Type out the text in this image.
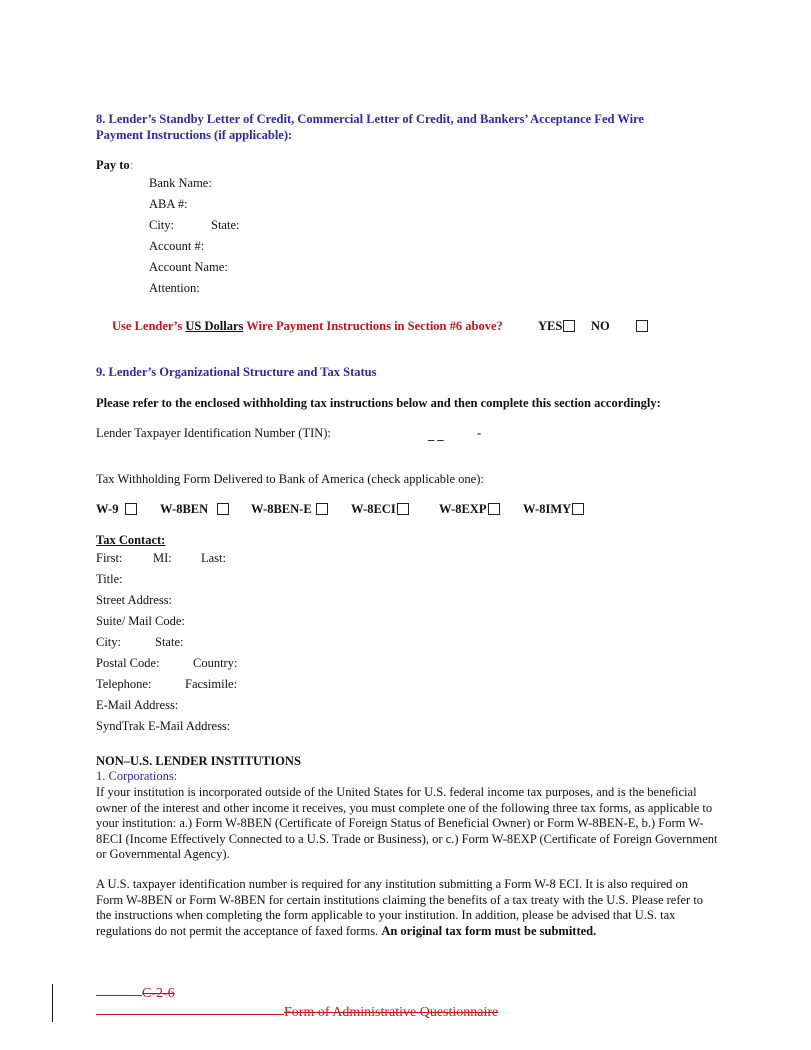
8. Lender’s Standby Letter of Credit, Commercial Letter of Credit, and Bankers’ Acceptance Fed Wire
Payment Instructions (if applicable):
Pay to:
Bank Name:
ABA #:
City:	State:
Account #:
Account Name:
Attention:
Use Lender’s US Dollars Wire Payment Instructions in Section #6 above?	YES	NO
9. Lender’s Organizational Structure and Tax Status
Please refer to the enclosed withholding tax instructions below and then complete this section accordingly:
Lender Taxpayer Identification Number (TIN):	_ _	-
Tax Withholding Form Delivered to Bank of America (check applicable one):
W-9	W-8BEN	W-8BEN-E	W-8ECI	W-8EXP	W-8IMY
Tax Contact:
First: MI: Last:
Title:
Street Address:
Suite/ Mail Code:
City:	State:
Postal Code:	Country:
Telephone:	Facsimile:
E-Mail Address:
SyndTrak E-Mail Address:
NON–U.S. LENDER INSTITUTIONS
1. Corporations:
If your institution is incorporated outside of the United States for U.S. federal income tax purposes, and is the beneficial owner of the interest and other income it receives, you must complete one of the following three tax forms, as applicable to your institution: a.) Form W-8BEN (Certificate of Foreign Status of Beneficial Owner) or Form W-8BEN-E, b.) Form W-8ECI (Income Effectively Connected to a U.S. Trade or Business), or c.) Form W-8EXP (Certificate of Foreign Government or Governmental Agency).
A U.S. taxpayer identification number is required for any institution submitting a Form W-8 ECI. It is also required on Form W-8BEN or Form W-8BEN for certain institutions claiming the benefits of a tax treaty with the U.S. Please refer to the instructions when completing the form applicable to your institution. In addition, please be advised that U.S. tax regulations do not permit the acceptance of faxed forms. An original tax form must be submitted.
C-2-6
Form of Administrative Questionnaire
